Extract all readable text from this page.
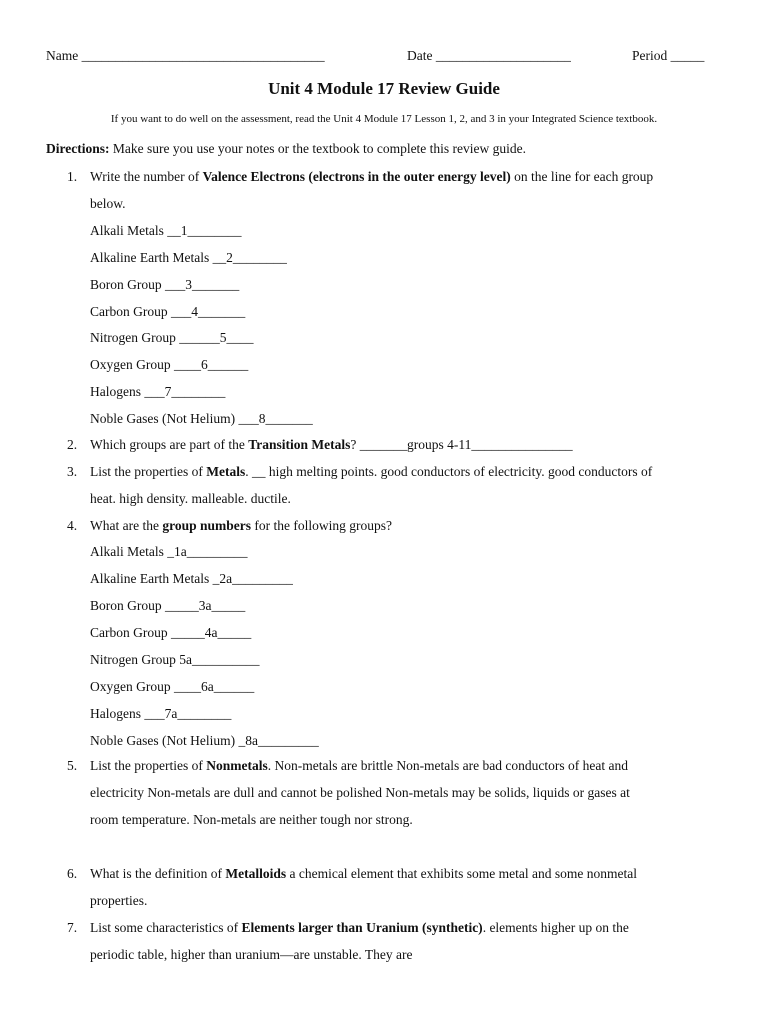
Name ____________________________________	Date ____________________	Period _____
Unit 4 Module 17 Review Guide
If you want to do well on the assessment, read the Unit 4 Module 17 Lesson 1, 2, and 3 in your Integrated Science textbook.
Directions: Make sure you use your notes or the textbook to complete this review guide.
1. Write the number of Valence Electrons (electrons in the outer energy level) on the line for each group
below.
Alkali Metals __1________
Alkaline Earth Metals __2________
Boron Group ___3_______
Carbon Group ___4_______
Nitrogen Group ______5____
Oxygen Group ____6______
Halogens ___7________
Noble Gases (Not Helium) ___8_______
2. Which groups are part of the Transition Metals? _______groups 4-11_______________
3. List the properties of Metals. __ high melting points. good conductors of electricity. good conductors of
heat. high density. malleable. ductile.
4. What are the group numbers for the following groups?
Alkali Metals _1a_________
Alkaline Earth Metals _2a_________
Boron Group _____3a_____
Carbon Group _____4a_____
Nitrogen Group 5a__________
Oxygen Group ____6a______
Halogens ___7a________
Noble Gases (Not Helium) _8a_________
5. List the properties of Nonmetals. Non-metals are brittle Non-metals are bad conductors of heat and
electricity Non-metals are dull and cannot be polished Non-metals may be solids, liquids or gases at
room temperature. Non-metals are neither tough nor strong.
6. What is the definition of Metalloids a chemical element that exhibits some metal and some nonmetal
properties.
7. List some characteristics of Elements larger than Uranium (synthetic). elements higher up on the
periodic table, higher than uranium—are unstable. They are
